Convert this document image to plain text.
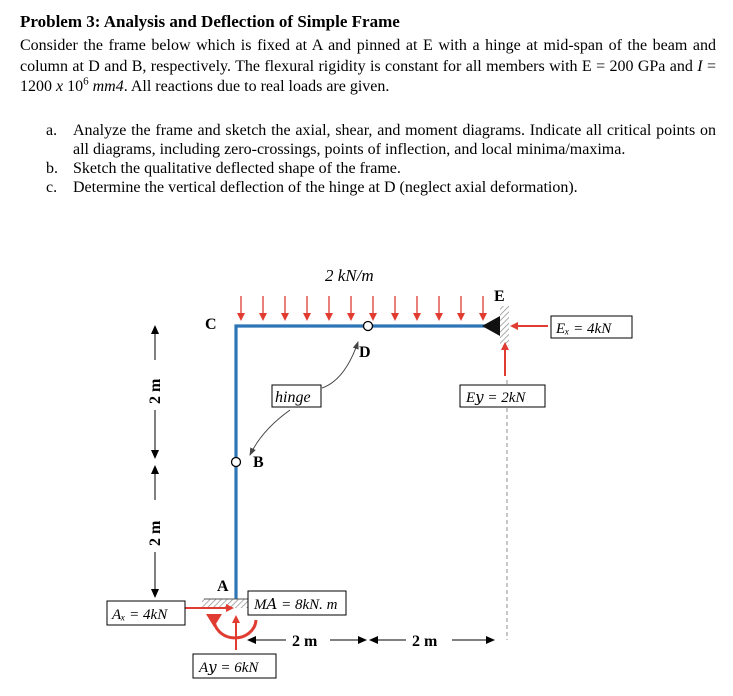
Problem 3: Analysis and Deflection of Simple Frame
Consider the frame below which is fixed at A and pinned at E with a hinge at mid-span of the beam and column at D and B, respectively. The flexural rigidity is constant for all members with E = 200 GPa and I = 1200 x $10^6$ mm4. All reactions due to real loads are given.
a. Analyze the frame and sketch the axial, shear, and moment diagrams. Indicate all critical points on all diagrams, including zero-crossings, points of inflection, and local minima/maxima.
b. Sketch the qualitative deflected shape of the frame.
c. Determine the vertical deflection of the hinge at D (neglect axial deformation).
2 kN/m
C
D
E
B
A
hinge
Eₓ = 4kN
E𝑦 = 2kN
Aₓ = 4kN
M𝐴 = 8kN. m
A𝑦 = 6kN
2 m	2 m
2 m
2 m
